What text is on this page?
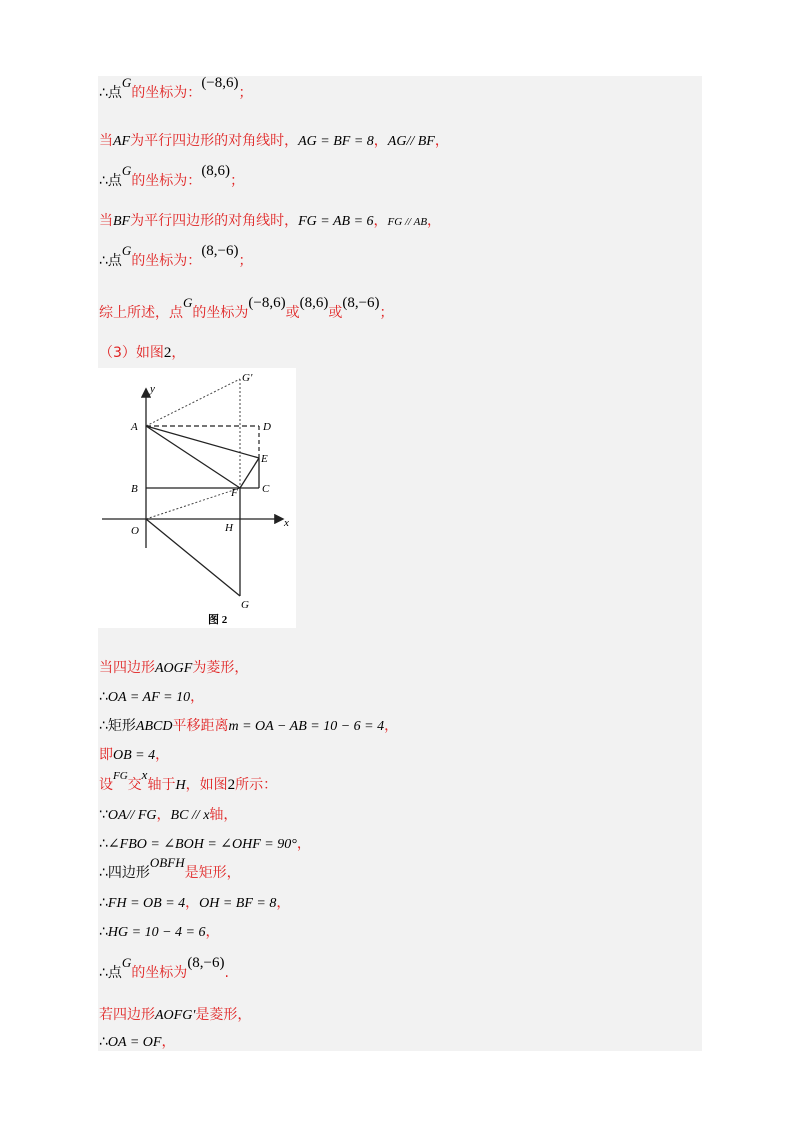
∴点G的坐标为：(−8,6)；
当AF为平行四边形的对角线时，AG = BF = 8，AG// BF，
∴点G的坐标为：(8,6)；
当BF为平行四边形的对角线时，FG = AB = 6，FG // AB，
∴点G的坐标为：(8,−6)；
综上所述，点G的坐标为(−8,6)或(8,6)或(8,−6)；
（3）如图2，
y
x
G'
A	D
E
B	F C
O	H
G
图 2
当四边形AOGF为菱形，
∴OA = AF = 10，
∴矩形ABCD平移距离m = OA − AB = 10 − 6 = 4，
即OB = 4，
设$^{FG}$交x轴于H，如图2所示：
∵OA// FG，BC // x轴，
∴∠FBO = ∠BOH = ∠OHF = 90°，
∴四边形OBFH是矩形，
∴FH = OB = 4，OH = BF = 8，
∴HG = 10 − 4 = 6，
∴点G的坐标为(8,−6).
若四边形AOFG'是菱形，
∴OA = OF，
